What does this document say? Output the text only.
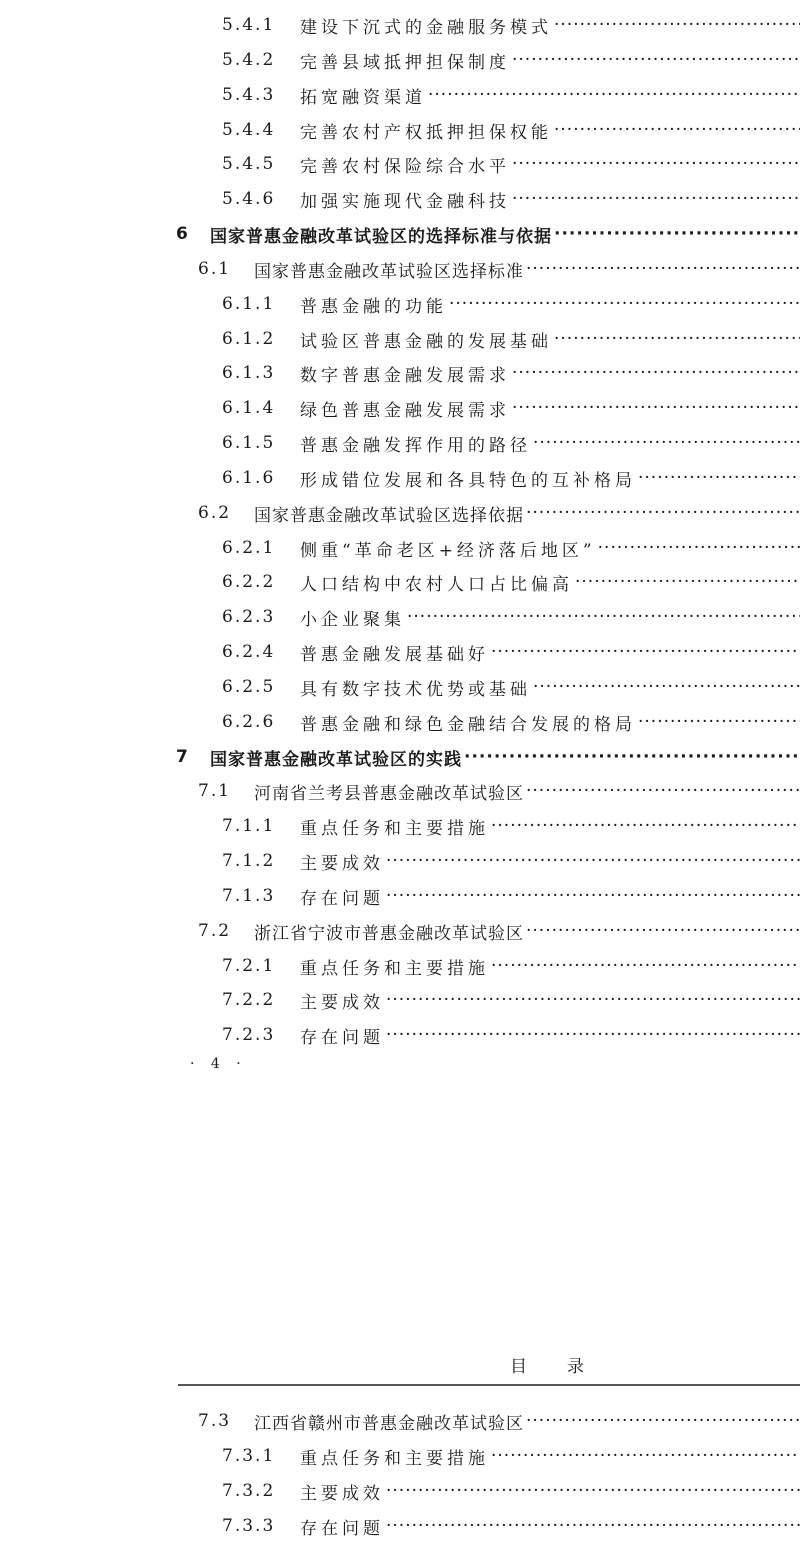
5.4.1	建设下沉式的金融服务模式
·····
5.4.2	完善县域抵押担保制度
·····
5.4.3	拓宽融资渠道
·····
5.4.4	完善农村产权抵押担保权能
·····
5.4.5	完善农村保险综合水平
·····
5.4.6	加强实施现代金融科技
·····
6	国家普惠金融改革试验区的选择标准与依据
·····
6.1	国家普惠金融改革试验区选择标准
·····
6.1.1	普惠金融的功能
·····
6.1.2	试验区普惠金融的发展基础
·····
6.1.3	数字普惠金融发展需求
·····
6.1.4	绿色普惠金融发展需求
·····
6.1.5	普惠金融发挥作用的路径
·····
6.1.6	形成错位发展和各具特色的互补格局
·····
6.2	国家普惠金融改革试验区选择依据
·····
6.2.1	侧重“革命老区+经济落后地区”
·····
6.2.2	人口结构中农村人口占比偏高
·····
6.2.3	小企业聚集
·····
6.2.4	普惠金融发展基础好
·····
6.2.5	具有数字技术优势或基础
·····
6.2.6	普惠金融和绿色金融结合发展的格局
·····
7	国家普惠金融改革试验区的实践
·····
7.1	河南省兰考县普惠金融改革试验区
·····
7.1.1	重点任务和主要措施
·····
7.1.2	主要成效
·····
7.1.3	存在问题
·····
7.2	浙江省宁波市普惠金融改革试验区
·····
7.2.1	重点任务和主要措施
·····
7.2.2	主要成效
·····
7.2.3	存在问题
·····
· 4 ·
目录
7.3	江西省赣州市普惠金融改革试验区
·····
7.3.1	重点任务和主要措施
·····
7.3.2	主要成效
·····
7.3.3	存在问题
·····
